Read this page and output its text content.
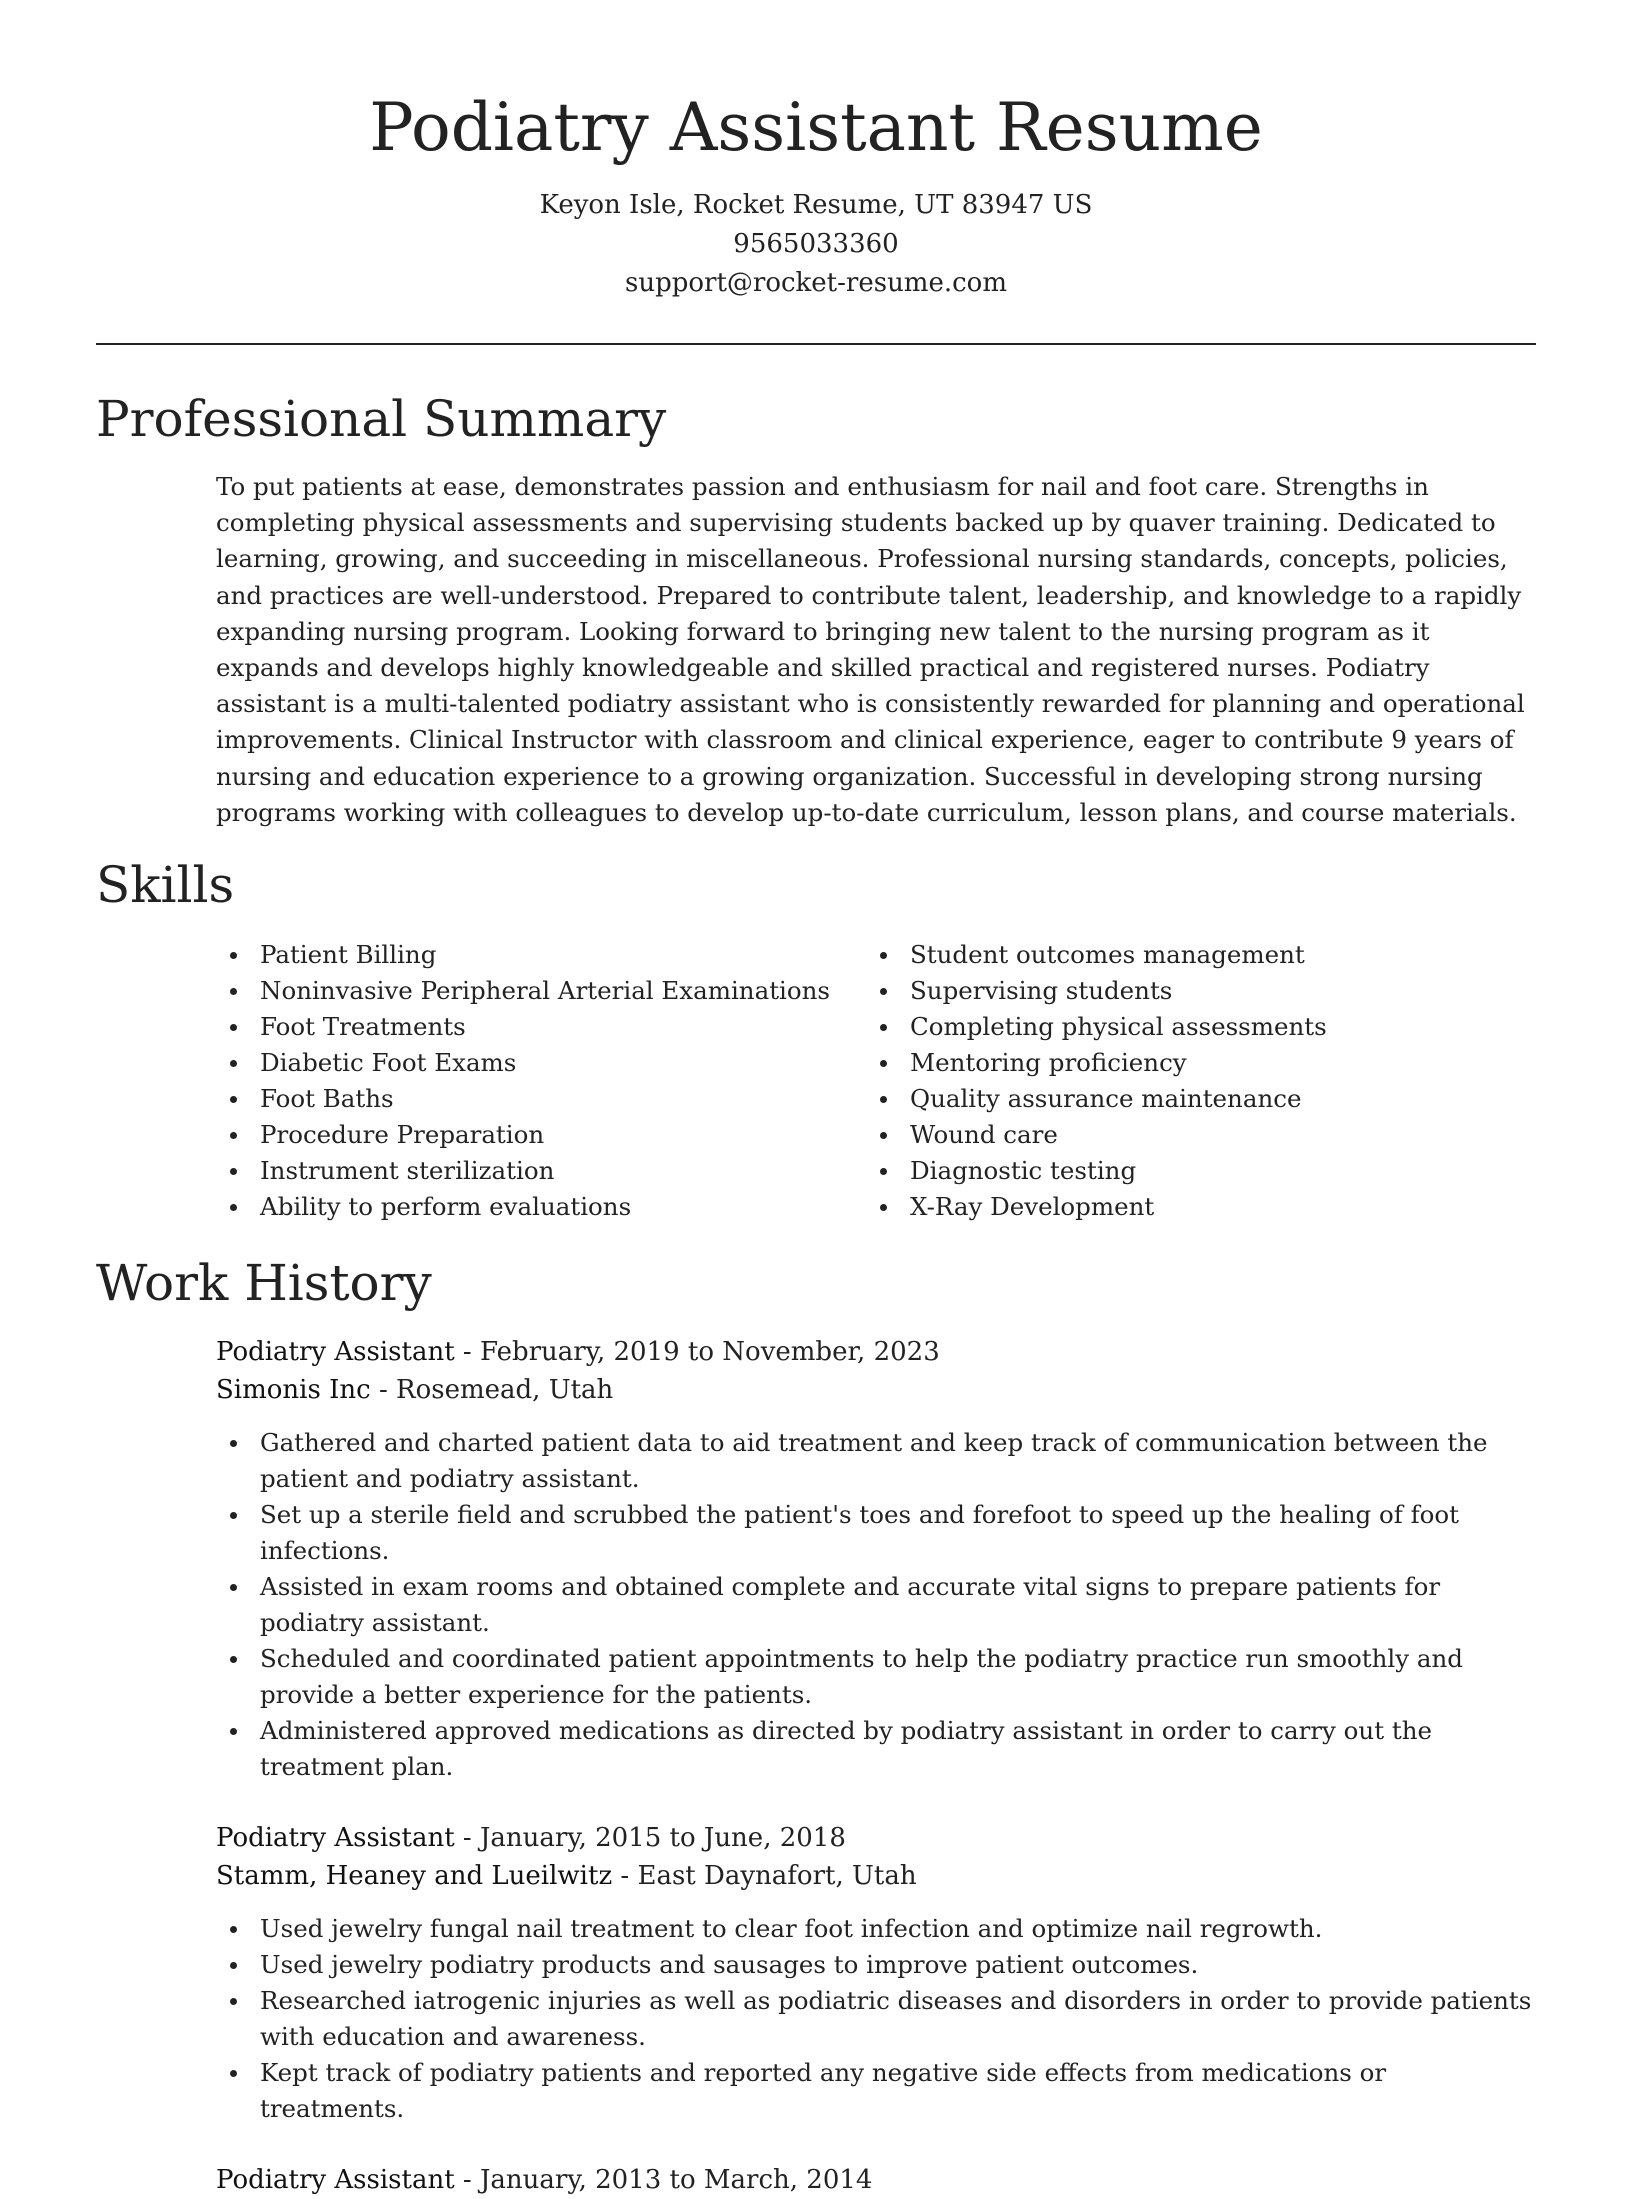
Podiatry Assistant Resume
Keyon Isle, Rocket Resume, UT 83947 US
9565033360
support@rocket-resume.com
Professional Summary

To put patients at ease, demonstrates passion and enthusiasm for nail and foot care. Strengths in completing physical assessments and supervising students backed up by quaver training. Dedicated to learning, growing, and succeeding in miscellaneous. Professional nursing standards, concepts, policies, and practices are well-understood. Prepared to contribute talent, leadership, and knowledge to a rapidly expanding nursing program. Looking forward to bringing new talent to the nursing program as it expands and develops highly knowledgeable and skilled practical and registered nurses. Podiatry assistant is a multi-talented podiatry assistant who is consistently rewarded for planning and operational improvements. Clinical Instructor with classroom and clinical experience, eager to contribute 9 years of nursing and education experience to a growing organization. Successful in developing strong nursing programs working with colleagues to develop up-to-date curriculum, lesson plans, and course materials.

Skills
Patient Billing
Noninvasive Peripheral Arterial Examinations
Foot Treatments
Diabetic Foot Exams
Foot Baths
Procedure Preparation
Instrument sterilization
Ability to perform evaluations
Student outcomes management
Supervising students
Completing physical assessments
Mentoring proficiency
Quality assurance maintenance
Wound care
Diagnostic testing
X-Ray Development
Work History
Podiatry Assistant - February, 2019 to November, 2023
Simonis Inc - Rosemead, Utah
Gathered and charted patient data to aid treatment and keep track of communication between the patient and podiatry assistant.
Set up a sterile field and scrubbed the patient's toes and forefoot to speed up the healing of foot infections.
Assisted in exam rooms and obtained complete and accurate vital signs to prepare patients for podiatry assistant.
Scheduled and coordinated patient appointments to help the podiatry practice run smoothly and provide a better experience for the patients.
Administered approved medications as directed by podiatry assistant in order to carry out the treatment plan.
Podiatry Assistant - January, 2015 to June, 2018
Stamm, Heaney and Lueilwitz - East Daynafort, Utah
Used jewelry fungal nail treatment to clear foot infection and optimize nail regrowth.
Used jewelry podiatry products and sausages to improve patient outcomes.
Researched iatrogenic injuries as well as podiatric diseases and disorders in order to provide patients with education and awareness.
Kept track of podiatry patients and reported any negative side effects from medications or treatments.
Podiatry Assistant - January, 2013 to March, 2014
